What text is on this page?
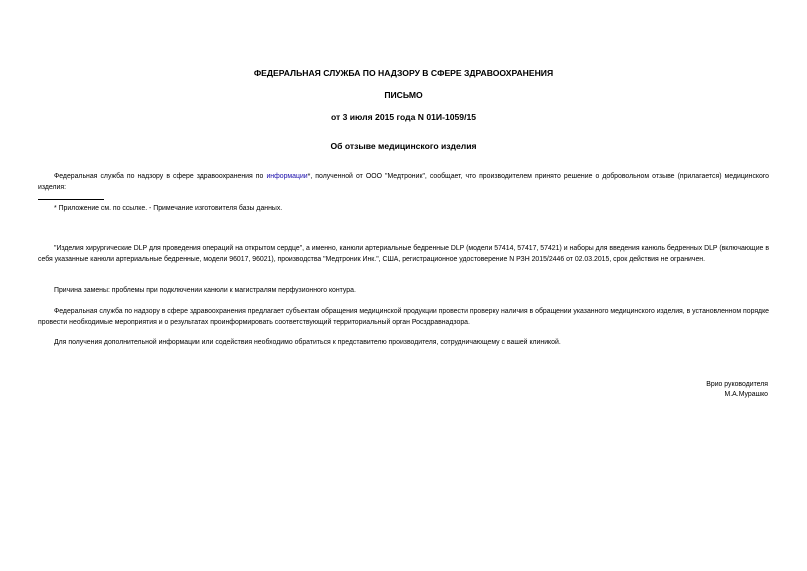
ФЕДЕРАЛЬНАЯ СЛУЖБА ПО НАДЗОРУ В СФЕРЕ ЗДРАВООХРАНЕНИЯ
ПИСЬМО
от 3 июля 2015 года N 01И-1059/15
Об отзыве медицинского изделия
Федеральная служба по надзору в сфере здравоохранения по информации*, полученной от ООО "Медтроник", сообщает, что производителем принято решение о добровольном отзыве (прилагается) медицинского изделия:
* Приложение см. по ссылке. - Примечание изготовителя базы данных.
"Изделия хирургические DLP для проведения операций на открытом сердце", а именно, канюли артериальные бедренные DLP (модели 57414, 57417, 57421) и наборы для введения канюль бедренных DLP (включающие в себя указанные канюли артериальные бедренные, модели 96017, 96021), производства "Медтроник Инк.", США, регистрационное удостоверение N РЗН 2015/2446 от 02.03.2015, срок действия не ограничен.
Причина замены: проблемы при подключении канюли к магистралям перфузионного контура.
Федеральная служба по надзору в сфере здравоохранения предлагает субъектам обращения медицинской продукции провести проверку наличия в обращении указанного медицинского изделия, в установленном порядке провести необходимые мероприятия и о результатах проинформировать соответствующий территориальный орган Росздравнадзора.
Для получения дополнительной информации или содействия необходимо обратиться к представителю производителя, сотрудничающему с вашей клиникой.
Врио руководителя
М.А.Мурашко
